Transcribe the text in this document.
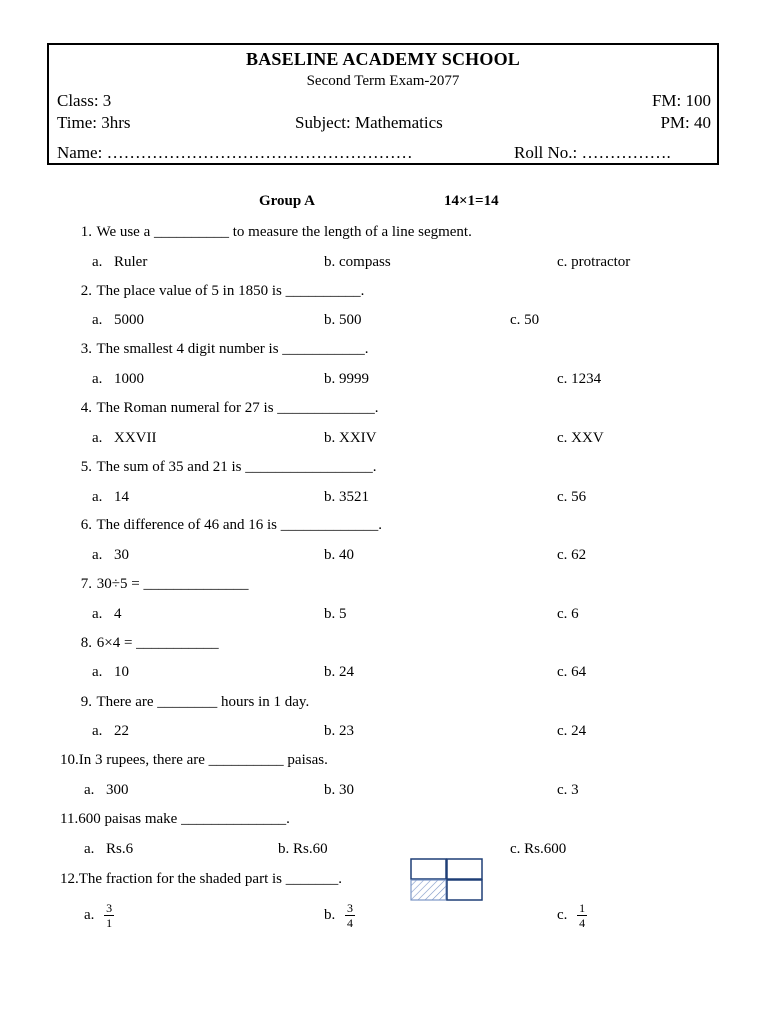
BASELINE ACADEMY SCHOOL
Second Term Exam-2077
Class: 3	FM: 100
Time: 3hrs	Subject: Mathematics	PM: 40
Name: ………………………………………………	Roll No.: …………….
Group A	14×1=14
1. We use a __________ to measure the length of a line segment.
a. Ruler	b. compass	c. protractor
2. The place value of 5 in 1850 is __________.
a. 5000	b. 500	c. 50
3. The smallest 4 digit number is ___________.
a. 1000	b. 9999	c. 1234
4. The Roman numeral for 27 is _____________.
a. XXVII	b. XXIV	c. XXV
5. The sum of 35 and 21 is _________________.
a. 14	b. 3521	c. 56
6. The difference of 46 and 16 is _____________.
a. 30	b. 40	c. 62
7. 30÷5 = ______________
a. 4	b. 5	c. 6
8. 6×4 = ___________
a. 10	b. 24	c. 64
9. There are ________ hours in 1 day.
a. 22	b. 23	c. 24
10.In 3 rupees, there are __________ paisas.
a. 300	b. 30	c. 3
11.600 paisas make ______________.
a. Rs.6	b. Rs.60	c. Rs.600
12.The fraction for the shaded part is _______.
a. $\frac{3}{1}$	b. $\frac{3}{4}$	c. $\frac{1}{4}$
